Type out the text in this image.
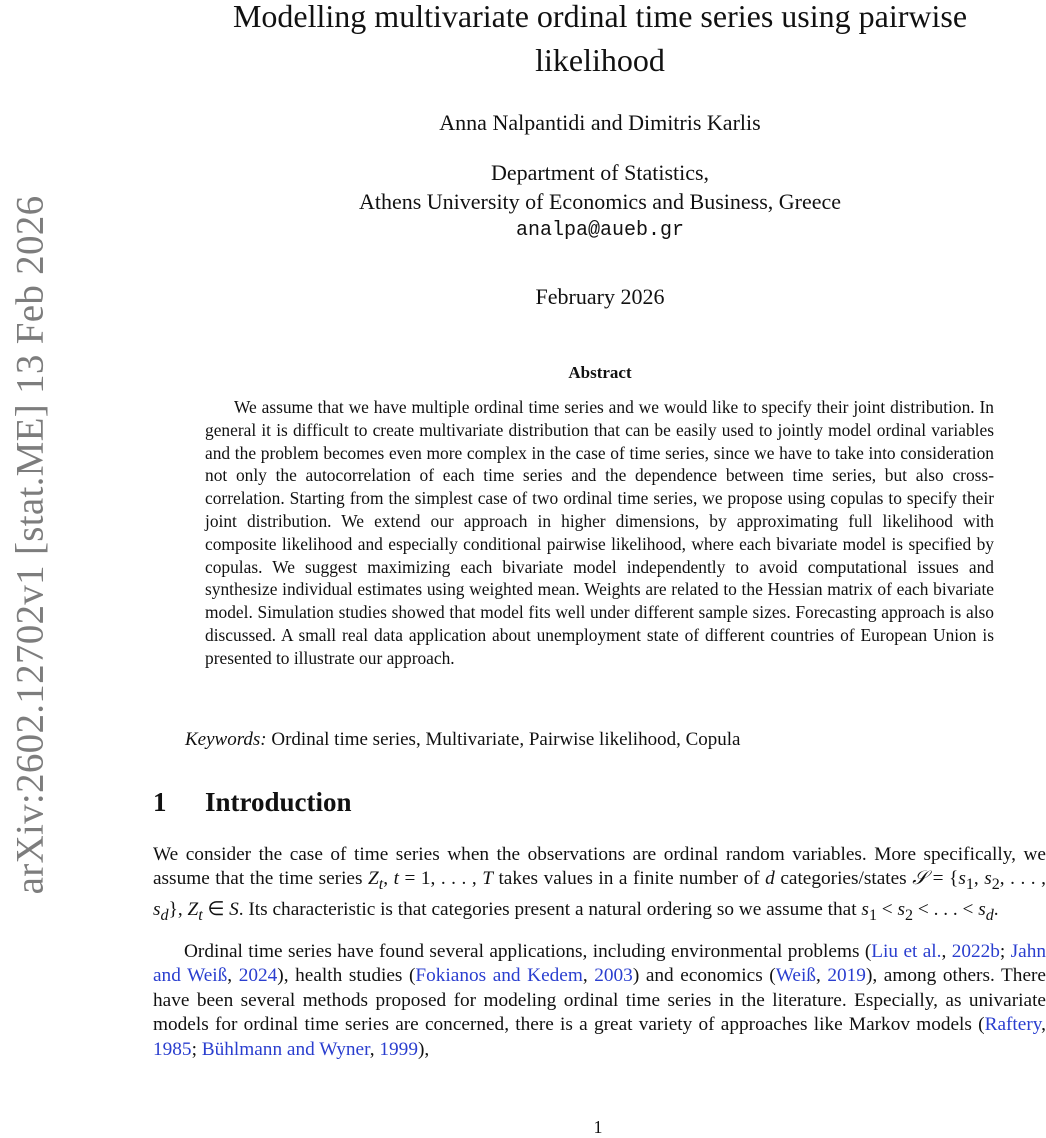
arXiv:2602.12702v1 [stat.ME] 13 Feb 2026
Modelling multivariate ordinal time series using pairwise
likelihood
Anna Nalpantidi and Dimitris Karlis
Department of Statistics,
Athens University of Economics and Business, Greece
analpa@aueb.gr
February 2026
Abstract

We assume that we have multiple ordinal time series and we would like to specify their joint distribution. In general it is difficult to create multivariate distribution that can be easily used to jointly model ordinal variables and the problem becomes even more complex in the case of time series, since we have to take into consideration not only the autocorrelation of each time series and the dependence between time series, but also cross-correlation. Starting from the simplest case of two ordinal time series, we propose using copulas to specify their joint distribution. We extend our approach in higher dimensions, by approximating full likelihood with composite likelihood and especially conditional pairwise likelihood, where each bivariate model is specified by copulas. We suggest maximizing each bivariate model independently to avoid computational issues and synthesize individual estimates using weighted mean. Weights are related to the Hessian matrix of each bivariate model. Simulation studies showed that model fits well under different sample sizes. Forecasting approach is also discussed. A small real data application about unemployment state of different countries of European Union is presented to illustrate our approach.

Keywords: Ordinal time series, Multivariate, Pairwise likelihood, Copula
1 Introduction

We consider the case of time series when the observations are ordinal random variables. More specifically, we assume that the time series $Z_t$, t = 1, . . . , T takes values in a finite number of d categories/states 𝒮 = {$s_1$, $s_2$, . . . , $s_d$}, $Z_t$ ∈ S. Its characteristic is that categories present a natural ordering so we assume that $s_1 < s_2$ < . . . < $s_d$.

Ordinal time series have found several applications, including environmental problems (Liu et al., 2022b; Jahn and Weiß, 2024), health studies (Fokianos and Kedem, 2003) and economics (Weiß, 2019), among others. There have been several methods proposed for modeling ordinal time series in the literature. Especially, as univariate models for ordinal time series are concerned, there is a great variety of approaches like Markov models (Raftery, 1985; Bühlmann and Wyner, 1999),

1
